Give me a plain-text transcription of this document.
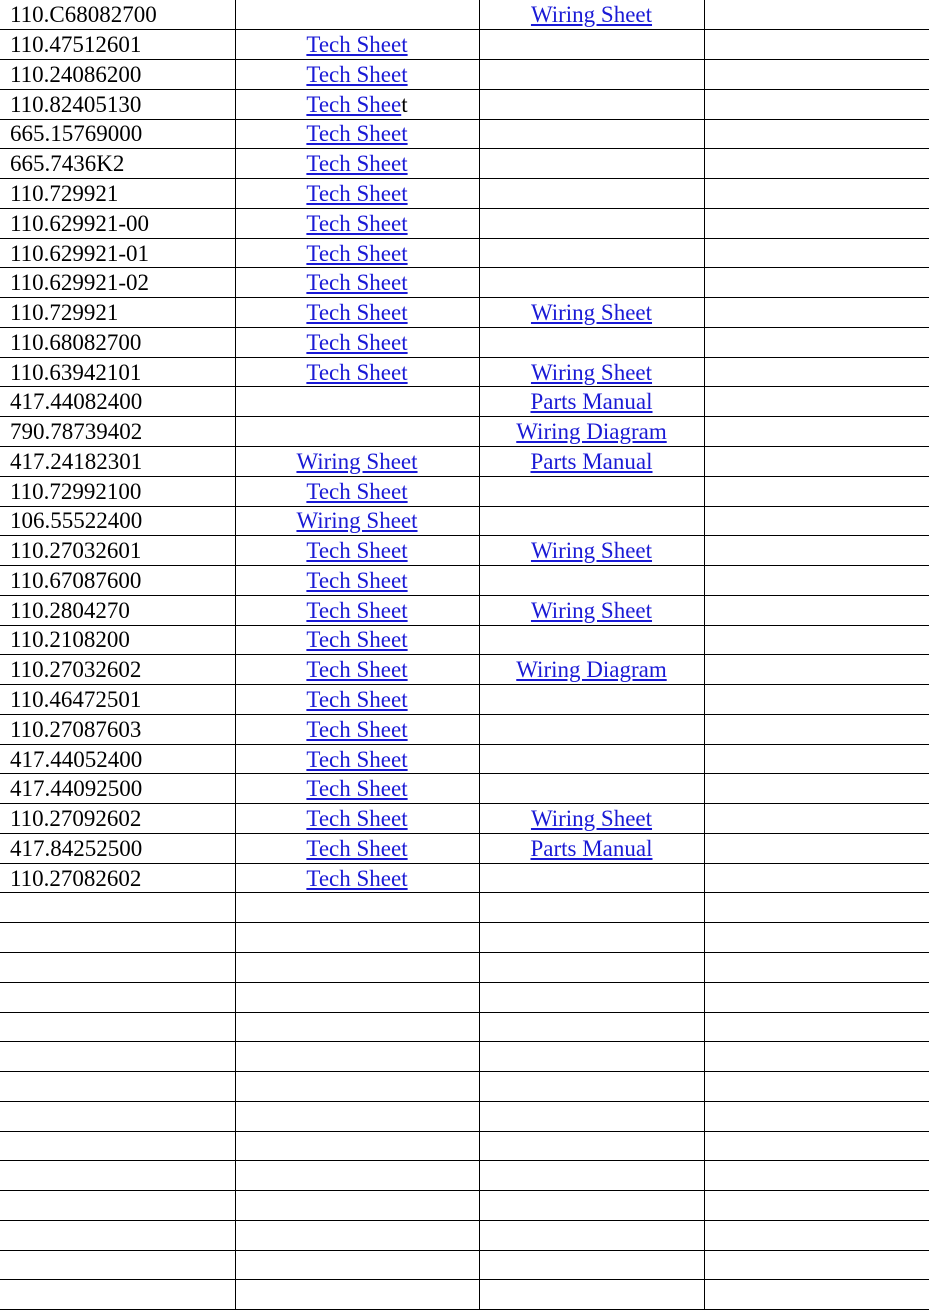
110.C68082700		Wiring Sheet	
110.47512601	Tech Sheet		
110.24086200	Tech Sheet		
110.82405130	Tech Sheet		
665.15769000	Tech Sheet		
665.7436K2	Tech Sheet		
110.729921	Tech Sheet		
110.629921-00	Tech Sheet		
110.629921-01	Tech Sheet		
110.629921-02	Tech Sheet		
110.729921	Tech Sheet	Wiring Sheet	
110.68082700	Tech Sheet		
110.63942101	Tech Sheet	Wiring Sheet	
417.44082400		Parts Manual	
790.78739402		Wiring Diagram	
417.24182301	Wiring Sheet	Parts Manual	
110.72992100	Tech Sheet		
106.55522400	Wiring Sheet		
110.27032601	Tech Sheet	Wiring Sheet	
110.67087600	Tech Sheet		
110.2804270	Tech Sheet	Wiring Sheet	
110.2108200	Tech Sheet		
110.27032602	Tech Sheet	Wiring Diagram	
110.46472501	Tech Sheet		
110.27087603	Tech Sheet		
417.44052400	Tech Sheet		
417.44092500	Tech Sheet		
110.27092602	Tech Sheet	Wiring Sheet	
417.84252500	Tech Sheet	Parts Manual	
110.27082602	Tech Sheet		
